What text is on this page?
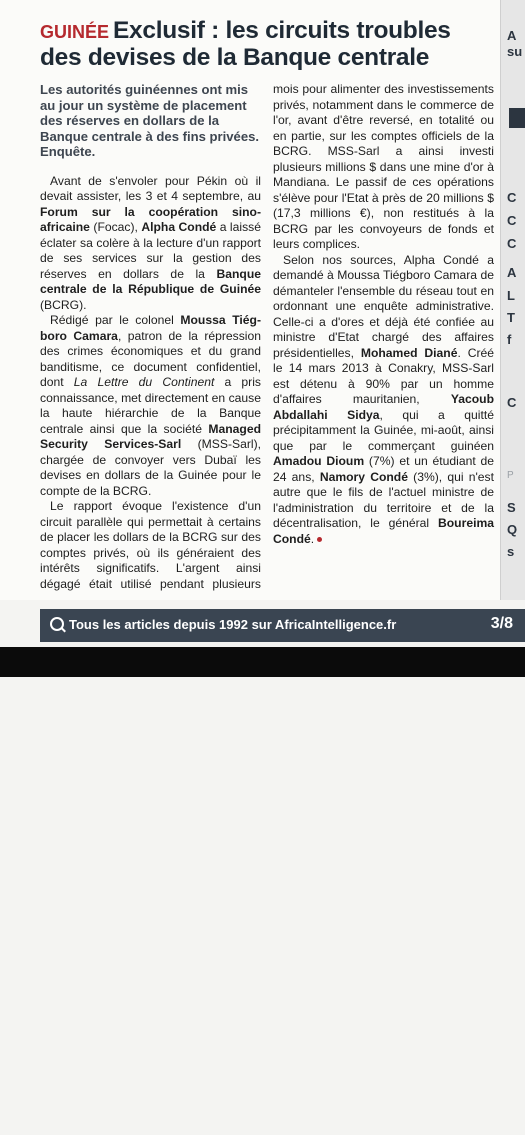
GUINÉE Exclusif : les circuits troubles des devises de la Banque centrale

Les autorités guinéennes ont mis au jour un système de placement des réserves en dollars de la Banque centrale à des fins privées. Enquête.

Avant de s'envoler pour Pékin où il devait assister, les 3 et 4 septembre, au Forum sur la coopération sino-africaine (Focac), Alpha Condé a laissé éclater sa colère à la lecture d'un rapport de ses services sur la gestion des réserves en dollars de la Banque centrale de la République de Guinée (BCRG).

Rédigé par le colonel Moussa Tiégboro Camara, patron de la répression des crimes économiques et du grand banditisme, ce document confidentiel, dont La Lettre du Continent a pris connaissance, met directement en cause la haute hiérarchie de la Banque centrale ainsi que la société Managed Security Services-Sarl (MSS-Sarl), chargée de convoyer vers Dubaï les devises en dollars de la Guinée pour le compte de la BCRG.

Le rapport évoque l'existence d'un circuit parallèle qui permettait à certains de placer les dollars de la BCRG sur des comptes privés, où ils généraient des intérêts significatifs. L'argent ainsi dégagé était utilisé pendant plusieurs mois pour alimenter des investissements privés, notamment dans le commerce de l'or, avant d'être reversé, en totalité ou en partie, sur les comptes officiels de la BCRG. MSS-Sarl a ainsi investi plusieurs millions $ dans une mine d'or à Mandiana. Le passif de ces opérations s'élève pour l'Etat à près de 20 millions $ (17,3 millions €), non restitués à la BCRG par les convoyeurs de fonds et leurs complices.

Selon nos sources, Alpha Condé a demandé à Moussa Tiégboro Camara de démanteler l'ensemble du réseau tout en ordonnant une enquête administrative. Celle-ci a d'ores et déjà été confiée au ministre d'Etat chargé des affaires présidentielles, Mohamed Diané. Créé le 14 mars 2013 à Conakry, MSS-Sarl est détenu à 90% par un homme d'affaires mauritanien, Yacoub Abdallahi Sidya, qui a quitté précipitamment la Guinée, mi-août, ainsi que par le commerçant guinéen Amadou Dioum (7%) et un étudiant de 24 ans, Namory Condé (3%), qui n'est autre que le fils de l'actuel ministre de l'administration du territoire et de la décentralisation, le général Boureima Condé.

A
su
C
C
C
A
L
T
f
C
P
S
Q
s
Tous les articles depuis 1992 sur AfricaIntelligence.fr	3/8
